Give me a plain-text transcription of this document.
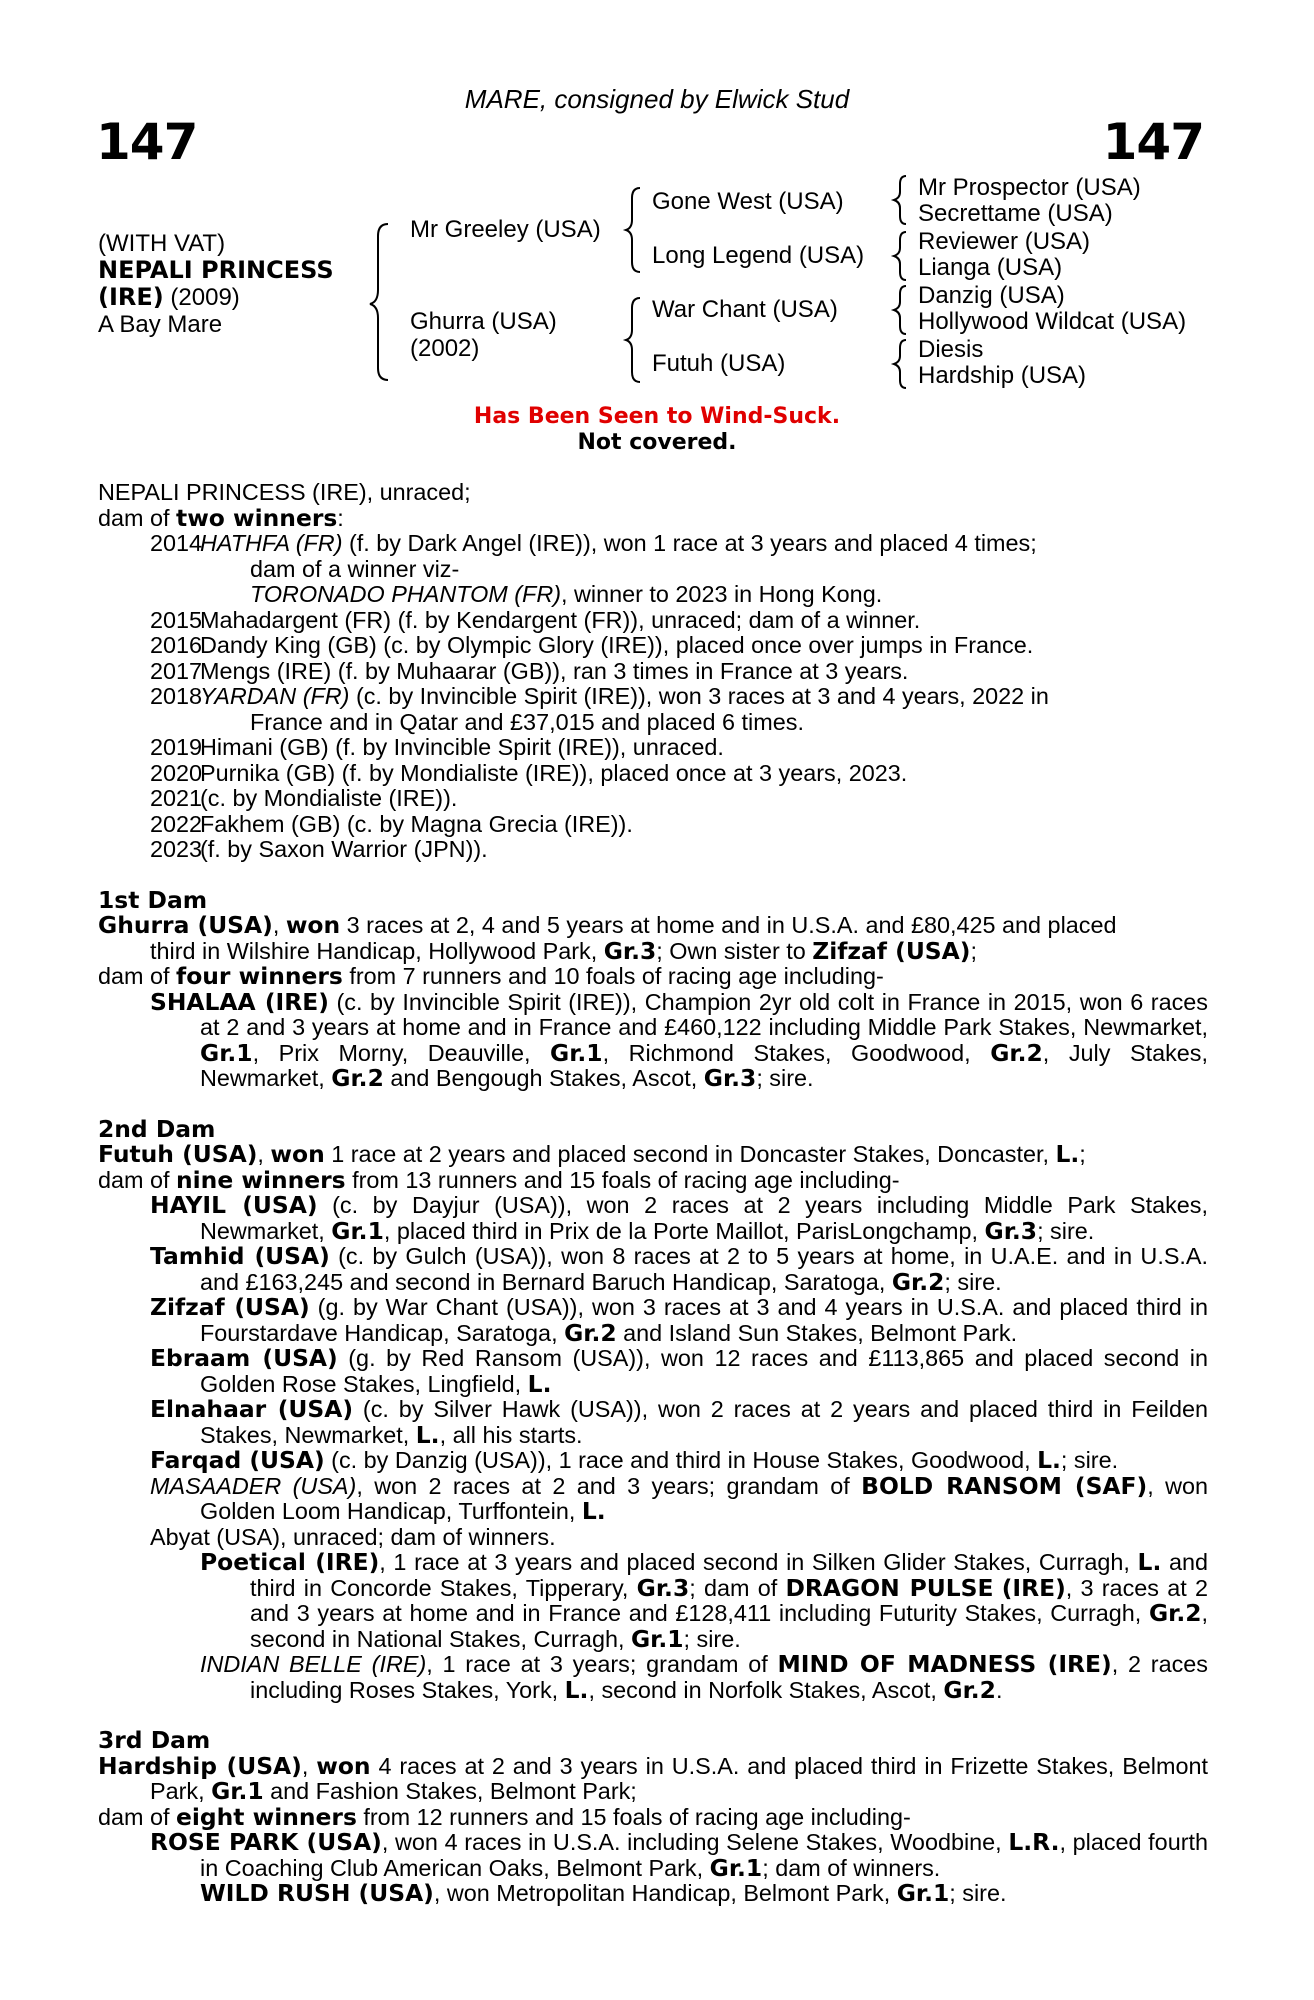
MARE, consigned by Elwick Stud
147	147
(WITH VAT)
NEPALI PRINCESS
(IRE) (2009)
A Bay Mare
Mr Greeley (USA)
Ghurra (USA)
(2002)
Gone West (USA)
Long Legend (USA)
War Chant (USA)
Futuh (USA)
Mr Prospector (USA)
Secrettame (USA)
Reviewer (USA)
Lianga (USA)
Danzig (USA)
Hollywood Wildcat (USA)
Diesis
Hardship (USA)
Has Been Seen to Wind-Suck.
Not covered.

NEPALI PRINCESS (IRE), unraced;

dam of two winners:

2014
HATHFA (FR) (f. by Dark Angel (IRE)), won 1 race at 3 years and placed 4 times;
dam of a winner viz-
TORONADO PHANTOM (FR), winner to 2023 in Hong Kong.
2015
Mahadargent (FR) (f. by Kendargent (FR)), unraced; dam of a winner.
2016
Dandy King (GB) (c. by Olympic Glory (IRE)), placed once over jumps in France.
2017
Mengs (IRE) (f. by Muhaarar (GB)), ran 3 times in France at 3 years.
2018
YARDAN (FR) (c. by Invincible Spirit (IRE)), won 3 races at 3 and 4 years, 2022 in
France and in Qatar and £37,015 and placed 6 times.
2019
Himani (GB) (f. by Invincible Spirit (IRE)), unraced.
2020
Purnika (GB) (f. by Mondialiste (IRE)), placed once at 3 years, 2023.
2021
(c. by Mondialiste (IRE)).
2022
Fakhem (GB) (c. by Magna Grecia (IRE)).
2023
(f. by Saxon Warrior (JPN)).

1st Dam

Ghurra (USA), won 3 races at 2, 4 and 5 years at home and in U.S.A. and £80,425 and placed
third in Wilshire Handicap, Hollywood Park, Gr.3; Own sister to Zifzaf (USA);

dam of four winners from 7 runners and 10 foals of racing age including-

SHALAA (IRE) (c. by Invincible Spirit (IRE)), Champion 2yr old colt in France in 2015, won 6 races at 2 and 3 years at home and in France and £460,122 including Middle Park Stakes, Newmarket, Gr.1, Prix Morny, Deauville, Gr.1, Richmond Stakes, Goodwood, Gr.2, July Stakes, Newmarket, Gr.2 and Bengough Stakes, Ascot, Gr.3; sire.

2nd Dam

Futuh (USA), won 1 race at 2 years and placed second in Doncaster Stakes, Doncaster, L.;

dam of nine winners from 13 runners and 15 foals of racing age including-

HAYIL (USA) (c. by Dayjur (USA)), won 2 races at 2 years including Middle Park Stakes, Newmarket, Gr.1, placed third in Prix de la Porte Maillot, ParisLongchamp, Gr.3; sire.

Tamhid (USA) (c. by Gulch (USA)), won 8 races at 2 to 5 years at home, in U.A.E. and in U.S.A. and £163,245 and second in Bernard Baruch Handicap, Saratoga, Gr.2; sire.

Zifzaf (USA) (g. by War Chant (USA)), won 3 races at 3 and 4 years in U.S.A. and placed third in Fourstardave Handicap, Saratoga, Gr.2 and Island Sun Stakes, Belmont Park.

Ebraam (USA) (g. by Red Ransom (USA)), won 12 races and £113,865 and placed second in Golden Rose Stakes, Lingfield, L.

Elnahaar (USA) (c. by Silver Hawk (USA)), won 2 races at 2 years and placed third in Feilden Stakes, Newmarket, L., all his starts.

Farqad (USA) (c. by Danzig (USA)), 1 race and third in House Stakes, Goodwood, L.; sire.

MASAADER (USA), won 2 races at 2 and 3 years; grandam of BOLD RANSOM (SAF), won Golden Loom Handicap, Turffontein, L.

Abyat (USA), unraced; dam of winners.

Poetical (IRE), 1 race at 3 years and placed second in Silken Glider Stakes, Curragh, L. and third in Concorde Stakes, Tipperary, Gr.3; dam of DRAGON PULSE (IRE), 3 races at 2 and 3 years at home and in France and £128,411 including Futurity Stakes, Curragh, Gr.2, second in National Stakes, Curragh, Gr.1; sire.

INDIAN BELLE (IRE), 1 race at 3 years; grandam of MIND OF MADNESS (IRE), 2 races including Roses Stakes, York, L., second in Norfolk Stakes, Ascot, Gr.2.

3rd Dam

Hardship (USA), won 4 races at 2 and 3 years in U.S.A. and placed third in Frizette Stakes, Belmont Park, Gr.1 and Fashion Stakes, Belmont Park;

dam of eight winners from 12 runners and 15 foals of racing age including-

ROSE PARK (USA), won 4 races in U.S.A. including Selene Stakes, Woodbine, L.R., placed fourth in Coaching Club American Oaks, Belmont Park, Gr.1; dam of winners.

WILD RUSH (USA), won Metropolitan Handicap, Belmont Park, Gr.1; sire.
